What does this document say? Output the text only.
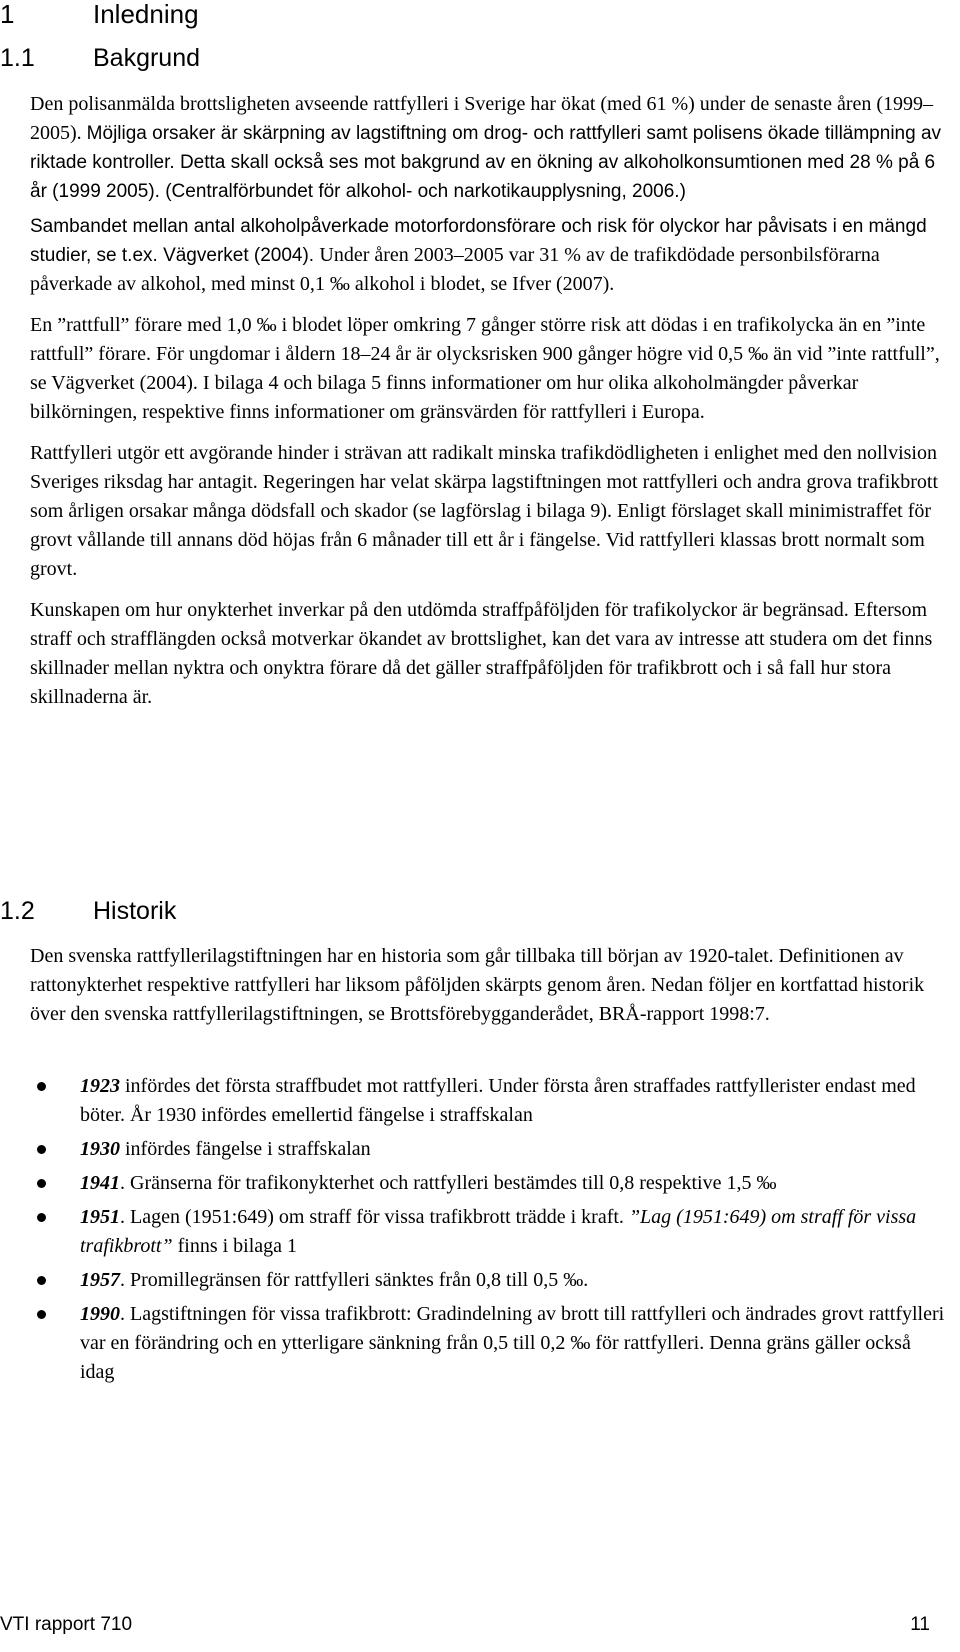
1	Inledning
1.1 Bakgrund

Den polisanmälda brottsligheten avseende rattfylleri i Sverige har ökat (med 61 %) under de senaste åren (1999–2005). Möjliga orsaker är skärpning av lagstiftning om drog- och rattfylleri samt polisens ökade tillämpning av riktade kontroller. Detta skall också ses mot bakgrund av en ökning av alkoholkonsumtionen med 28 % på 6 år (1999 2005). (Centralförbundet för alkohol- och narkotikaupplysning, 2006.)

Sambandet mellan antal alkoholpåverkade motorfordonsförare och risk för olyckor har påvisats i en mängd studier, se t.ex. Vägverket (2004). Under åren 2003–2005 var 31 % av de trafikdödade personbilsförarna påverkade av alkohol, med minst 0,1 ‰ alkohol i blodet, se Ifver (2007).

En ”rattfull” förare med 1,0 ‰ i blodet löper omkring 7 gånger större risk att dödas i en trafikolycka än en ”inte rattfull” förare. För ungdomar i åldern 18–24 år är olycksrisken 900 gånger högre vid 0,5 ‰ än vid ”inte rattfull”, se Vägverket (2004). I bilaga 4 och bilaga 5 finns informationer om hur olika alkoholmängder påverkar bilkörningen, respektive finns informationer om gränsvärden för rattfylleri i Europa.

Rattfylleri utgör ett avgörande hinder i strävan att radikalt minska trafikdödligheten i enlighet med den nollvision Sveriges riksdag har antagit. Regeringen har velat skärpa lagstiftningen mot rattfylleri och andra grova trafikbrott som årligen orsakar många dödsfall och skador (se lagförslag i bilaga 9). Enligt förslaget skall minimistraffet för grovt vållande till annans död höjas från 6 månader till ett år i fängelse. Vid rattfylleri klassas brott normalt som grovt.

Kunskapen om hur onykterhet inverkar på den utdömda straffpåföljden för trafikolyckor är begränsad. Eftersom straff och strafflängden också motverkar ökandet av brottslighet, kan det vara av intresse att studera om det finns skillnader mellan nyktra och onyktra förare då det gäller straffpåföljden för trafikbrott och i så fall hur stora skillnaderna är.

1.2 Historik

Den svenska rattfyllerilagstiftningen har en historia som går tillbaka till början av 1920-talet. Definitionen av rattonykterhet respektive rattfylleri har liksom påföljden skärpts genom åren. Nedan följer en kortfattad historik över den svenska rattfyllerilagstiftningen, se Brottsförebygganderådet, BRÅ-rapport 1998:7.

1923 infördes det första straffbudet mot rattfylleri. Under första åren straffades rattfyllerister endast med böter. År 1930 infördes emellertid fängelse i straffskalan
1930 infördes fängelse i straffskalan
1941. Gränserna för trafikonykterhet och rattfylleri bestämdes till 0,8 respektive 1,5 ‰
1951. Lagen (1951:649) om straff för vissa trafikbrott trädde i kraft. ”Lag (1951:649) om straff för vissa trafikbrott” finns i bilaga 1
1957. Promillegränsen för rattfylleri sänktes från 0,8 till 0,5 ‰.
1990. Lagstiftningen för vissa trafikbrott: Gradindelning av brott till rattfylleri och ändrades grovt rattfylleri var en förändring och en ytterligare sänkning från 0,5 till 0,2 ‰ för rattfylleri. Denna gräns gäller också idag
VTI rapport 710	11
